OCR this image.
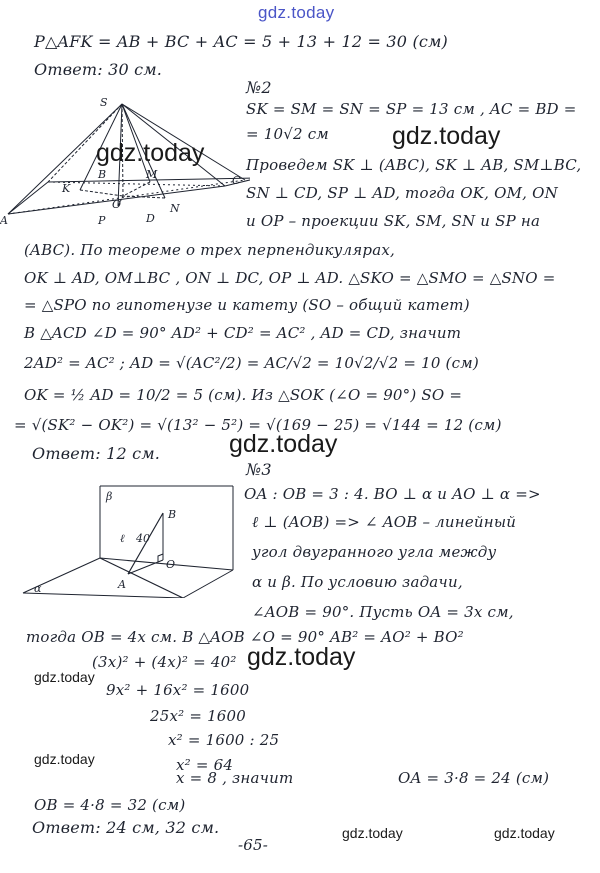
gdz.today
P△AFK = AB + BC + AC = 5 + 13 + 12 = 30 (см)
Ответ: 30 см.
S
K
B	M	C
O
A	P	D
N
№2
SK = SM = SN = SP = 13 см , AC = BD =
= 10√2 см
Проведем SK ⊥ (ABC), SK ⊥ AB, SM⊥BC,
SN ⊥ CD, SP ⊥ AD, тогда OK, OM, ON
и OP – проекции SK, SM, SN и SP на
(ABC). По теореме о трех перпендикулярах,
OK ⊥ AD, OM⊥BC , ON ⊥ DC, OP ⊥ AD. △SKO = △SMO = △SNO =
= △SPO по гипотенузе и катету (SO – общий катет)
В △ACD ∠D = 90° AD² + CD² = AC² , AD = CD, значит
2AD² = AC² ; AD = √(AC²/2) = AC/√2 = 10√2/√2 = 10 (см)
OK = ½ AD = 10/2 = 5 (см). Из △SOK (∠O = 90°) SO =
= √(SK² − OK²) = √(13² − 5²) = √(169 − 25) = √144 = 12 (см)
Ответ: 12 см.
β
B
ℓ 40
O
A
α
№3
OA : OB = 3 : 4. BO ⊥ α и AO ⊥ α =>
ℓ ⊥ (AOB) => ∠ AOB – линейный
угол двугранного угла между
α и β. По условию задачи,
∠AOB = 90°. Пусть OA = 3x см,
тогда OB = 4x см. В △AOB ∠O = 90° AB² = AO² + BO²
(3x)² + (4x)² = 40²
9x² + 16x² = 1600
25x² = 1600
x² = 1600 : 25
x² = 64
x = 8 , значит	OA = 3·8 = 24 (см)
OB = 4·8 = 32 (см)
Ответ: 24 см, 32 см.
-65-
gdz.today
gdz.today
gdz.today
gdz.today
gdz.today
gdz.today
gdz.today	gdz.today
